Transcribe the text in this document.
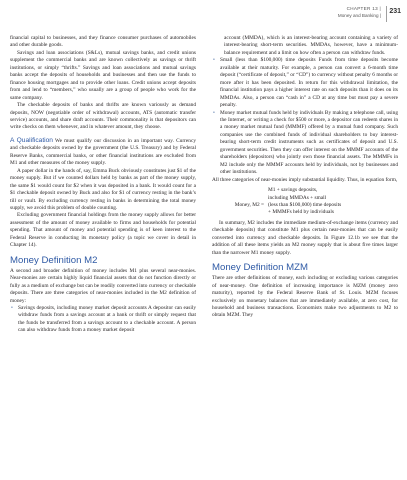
CHAPTER 13 |
Money and Banking |
231

financial capital to businesses, and they finance consumer purchases of automobiles and other durable goods.

Savings and loan associations (S&Ls), mutual savings banks, and credit unions supplement the commercial banks and are known collectively as savings or thrift institutions, or simply “thrifts.” Savings and loan associations and mutual savings banks accept the deposits of households and businesses and then use the funds to finance housing mortgages and to provide other loans. Credit unions accept deposits from and lend to “members,” who usually are a group of people who work for the same company.

The checkable deposits of banks and thrifts are known variously as demand deposits, NOW (negotiable order of withdrawal) accounts, ATS (automatic transfer service) accounts, and share draft accounts. Their commonality is that depositors can write checks on them whenever, and in whatever amount, they choose.

A Qualification We must qualify our discussion in an important way. Currency and checkable deposits owned by the government (the U.S. Treasury) and by Federal Reserve Banks, commercial banks, or other financial institutions are excluded from M1 and other measures of the money supply.

A paper dollar in the hands of, say, Emma Buck obviously constitutes just $1 of the money supply. But if we counted dollars held by banks as part of the money supply, the same $1 would count for $2 when it was deposited in a bank. It would count for a $1 checkable deposit owned by Buck and also for $1 of currency resting in the bank’s till or vault. By excluding currency resting in banks in determining the total money supply, we avoid this problem of double counting.

Excluding government financial holdings from the money supply allows for better assessment of the amount of money available to firms and households for potential spending. That amount of money and potential spending is of keen interest to the Federal Reserve in conducting its monetary policy (a topic we cover in detail in Chapter 14).

Money Definition M2

A second and broader definition of money includes M1 plus several near-monies. Near-monies are certain highly liquid financial assets that do not function directly or fully as a medium of exchange but can be readily converted into currency or checkable deposits. There are three categories of near-monies included in the M2 definition of money:

• Savings deposits, including money market deposit accounts A depositor can easily withdraw funds from a savings account at a bank or thrift or simply request that the funds be transferred from a savings account to a checkable account. A person can also withdraw funds from a money market deposit

account (MMDA), which is an interest-bearing account containing a variety of interest-bearing short-term securities. MMDAs, however, have a minimum-balance requirement and a limit on how often a person can withdraw funds.

• Small (less than $100,000) time deposits Funds from time deposits become available at their maturity. For example, a person can convert a 6-month time deposit (“certificate of deposit,” or “CD”) to currency without penalty 6 months or more after it has been deposited. In return for this withdrawal limitation, the financial institution pays a higher interest rate on such deposits than it does on its MMDAs. Also, a person can “cash in” a CD at any time but must pay a severe penalty.
• Money market mutual funds held by individuals By making a telephone call, using the Internet, or writing a check for $500 or more, a depositor can redeem shares in a money market mutual fund (MMMF) offered by a mutual fund company. Such companies use the combined funds of individual shareholders to buy interest-bearing short-term credit instruments such as certificates of deposit and U.S. government securities. Then they can offer interest on the MMMF accounts of the shareholders (depositors) who jointly own those financial assets. The MMMFs in M2 include only the MMMF accounts held by individuals, not by businesses and other institutions.

All three categories of near-monies imply substantial liquidity. Thus, in equation form,

Money, M2 =
M1 + savings deposits,
including MMDAs + small
(less than $100,000) time deposits
+ MMMFs held by individuals

In summary, M2 includes the immediate medium-of-exchange items (currency and checkable deposits) that constitute M1 plus certain near-monies that can be easily converted into currency and checkable deposits. In Figure 12.1b we see that the addition of all these items yields an M2 money supply that is about five times larger than the narrower M1 money supply.

Money Definition MZM

There are other definitions of money, each including or excluding various categories of near-money. One definition of increasing importance is MZM (money zero maturity), reported by the Federal Reserve Bank of St. Louis. MZM focuses exclusively on monetary balances that are immediately available, at zero cost, for household and business transactions. Economists make two adjustments to M2 to obtain MZM. They
